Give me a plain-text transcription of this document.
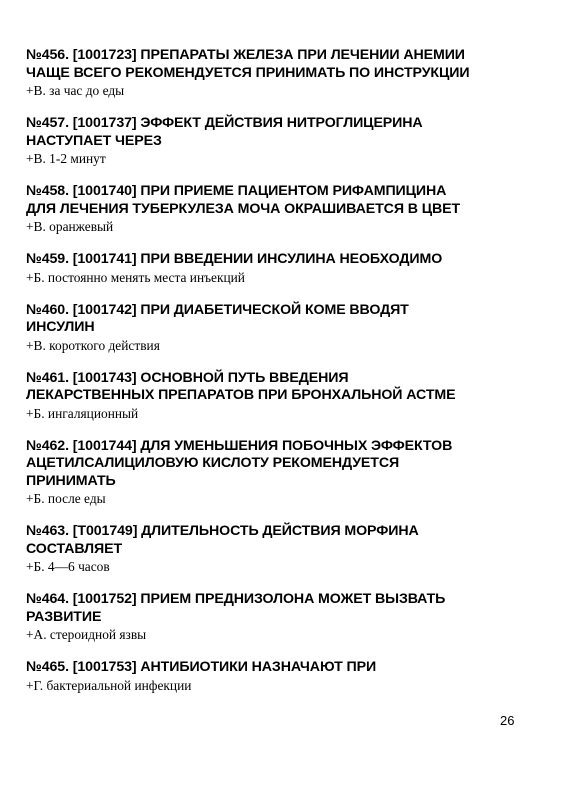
№456. [1001723] ПРЕПАРАТЫ ЖЕЛЕЗА ПРИ ЛЕЧЕНИИ АНЕМИИ
ЧАЩЕ ВСЕГО РЕКОМЕНДУЕТСЯ ПРИНИМАТЬ ПО ИНСТРУКЦИИ

+В. за час до еды

№457. [1001737] ЭФФЕКТ ДЕЙСТВИЯ НИТРОГЛИЦЕРИНА
НАСТУПАЕТ ЧЕРЕЗ

+В. 1-2 минут

№458. [1001740] ПРИ ПРИЕМЕ ПАЦИЕНТОМ РИФАМПИЦИНА
ДЛЯ ЛЕЧЕНИЯ ТУБЕРКУЛЕЗА МОЧА ОКРАШИВАЕТСЯ В ЦВЕТ

+В. оранжевый

№459. [1001741] ПРИ ВВЕДЕНИИ ИНСУЛИНА НЕОБХОДИМО

+Б. постоянно менять места инъекций

№460. [1001742] ПРИ ДИАБЕТИЧЕСКОЙ КОМЕ ВВОДЯТ
ИНСУЛИН

+В. короткого действия

№461. [1001743] ОСНОВНОЙ ПУТЬ ВВЕДЕНИЯ
ЛЕКАРСТВЕННЫХ ПРЕПАРАТОВ ПРИ БРОНХАЛЬНОЙ АСТМЕ

+Б. ингаляционный

№462. [1001744] ДЛЯ УМЕНЬШЕНИЯ ПОБОЧНЫХ ЭФФЕКТОВ
АЦЕТИЛСАЛИЦИЛОВУЮ КИСЛОТУ РЕКОМЕНДУЕТСЯ
ПРИНИМАТЬ

+Б. после еды

№463. [T001749] ДЛИТЕЛЬНОСТЬ ДЕЙСТВИЯ МОРФИНА
СОСТАВЛЯЕТ

+Б. 4—6 часов

№464. [1001752] ПРИЕМ ПРЕДНИЗОЛОНА МОЖЕТ ВЫЗВАТЬ
РАЗВИТИЕ

+А. стероидной язвы

№465. [1001753] АНТИБИОТИКИ НАЗНАЧАЮТ ПРИ

+Г. бактериальной инфекции

26
